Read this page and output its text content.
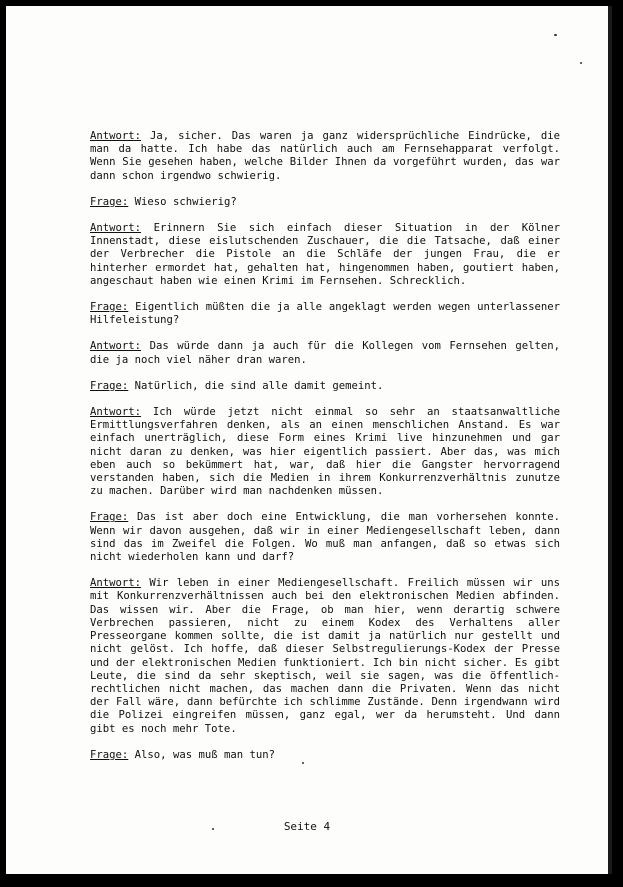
Antwort: Ja, sicher. Das waren ja ganz widersprüchliche Eindrücke, die man da hatte. Ich habe das natürlich auch am Fernsehapparat verfolgt. Wenn Sie gesehen haben, welche Bilder Ihnen da vorgeführt wurden, das war dann schon irgendwo schwierig.

Frage: Wieso schwierig?

Antwort: Erinnern Sie sich einfach dieser Situation in der Kölner Innenstadt, diese eislutschenden Zuschauer, die die Tatsache, daß einer der Verbrecher die Pistole an die Schläfe der jungen Frau, die er hinterher ermordet hat, gehalten hat, hingenommen haben, goutiert haben, angeschaut haben wie einen Krimi im Fernsehen. Schrecklich.

Frage: Eigentlich müßten die ja alle angeklagt werden wegen unterlassener Hilfeleistung?

Antwort: Das würde dann ja auch für die Kollegen vom Fernsehen gelten, die ja noch viel näher dran waren.

Frage: Natürlich, die sind alle damit gemeint.

Antwort: Ich würde jetzt nicht einmal so sehr an staatsanwaltliche Ermittlungsverfahren denken, als an einen menschlichen Anstand. Es war einfach unerträglich, diese Form eines Krimi live hinzunehmen und gar nicht daran zu denken, was hier eigentlich passiert. Aber das, was mich eben auch so bekümmert hat, war, daß hier die Gangster hervorragend verstanden haben, sich die Medien in ihrem Konkurrenzverhältnis zunutze zu machen. Darüber wird man nachdenken müssen.

Frage: Das ist aber doch eine Entwicklung, die man vorhersehen konnte. Wenn wir davon ausgehen, daß wir in einer Mediengesellschaft leben, dann sind das im Zweifel die Folgen. Wo muß man anfangen, daß so etwas sich nicht wiederholen kann und darf?

Antwort: Wir leben in einer Mediengesellschaft. Freilich müssen wir uns mit Konkurrenzverhältnissen auch bei den elektronischen Medien abfinden. Das wissen wir. Aber die Frage, ob man hier, wenn derartig schwere Verbrechen passieren, nicht zu einem Kodex des Verhaltens aller Presseorgane kommen sollte, die ist damit ja natürlich nur gestellt und nicht gelöst. Ich hoffe, daß dieser Selbstregulierungs-Kodex der Presse und der elektronischen Medien funktioniert. Ich bin nicht sicher. Es gibt Leute, die sind da sehr skeptisch, weil sie sagen, was die öffentlich-rechtlichen nicht machen, das machen dann die Privaten. Wenn das nicht der Fall wäre, dann befürchte ich schlimme Zustände. Denn irgendwann wird die Polizei eingreifen müssen, ganz egal, wer da herumsteht. Und dann gibt es noch mehr Tote.

Frage: Also, was muß man tun?

Seite 4
